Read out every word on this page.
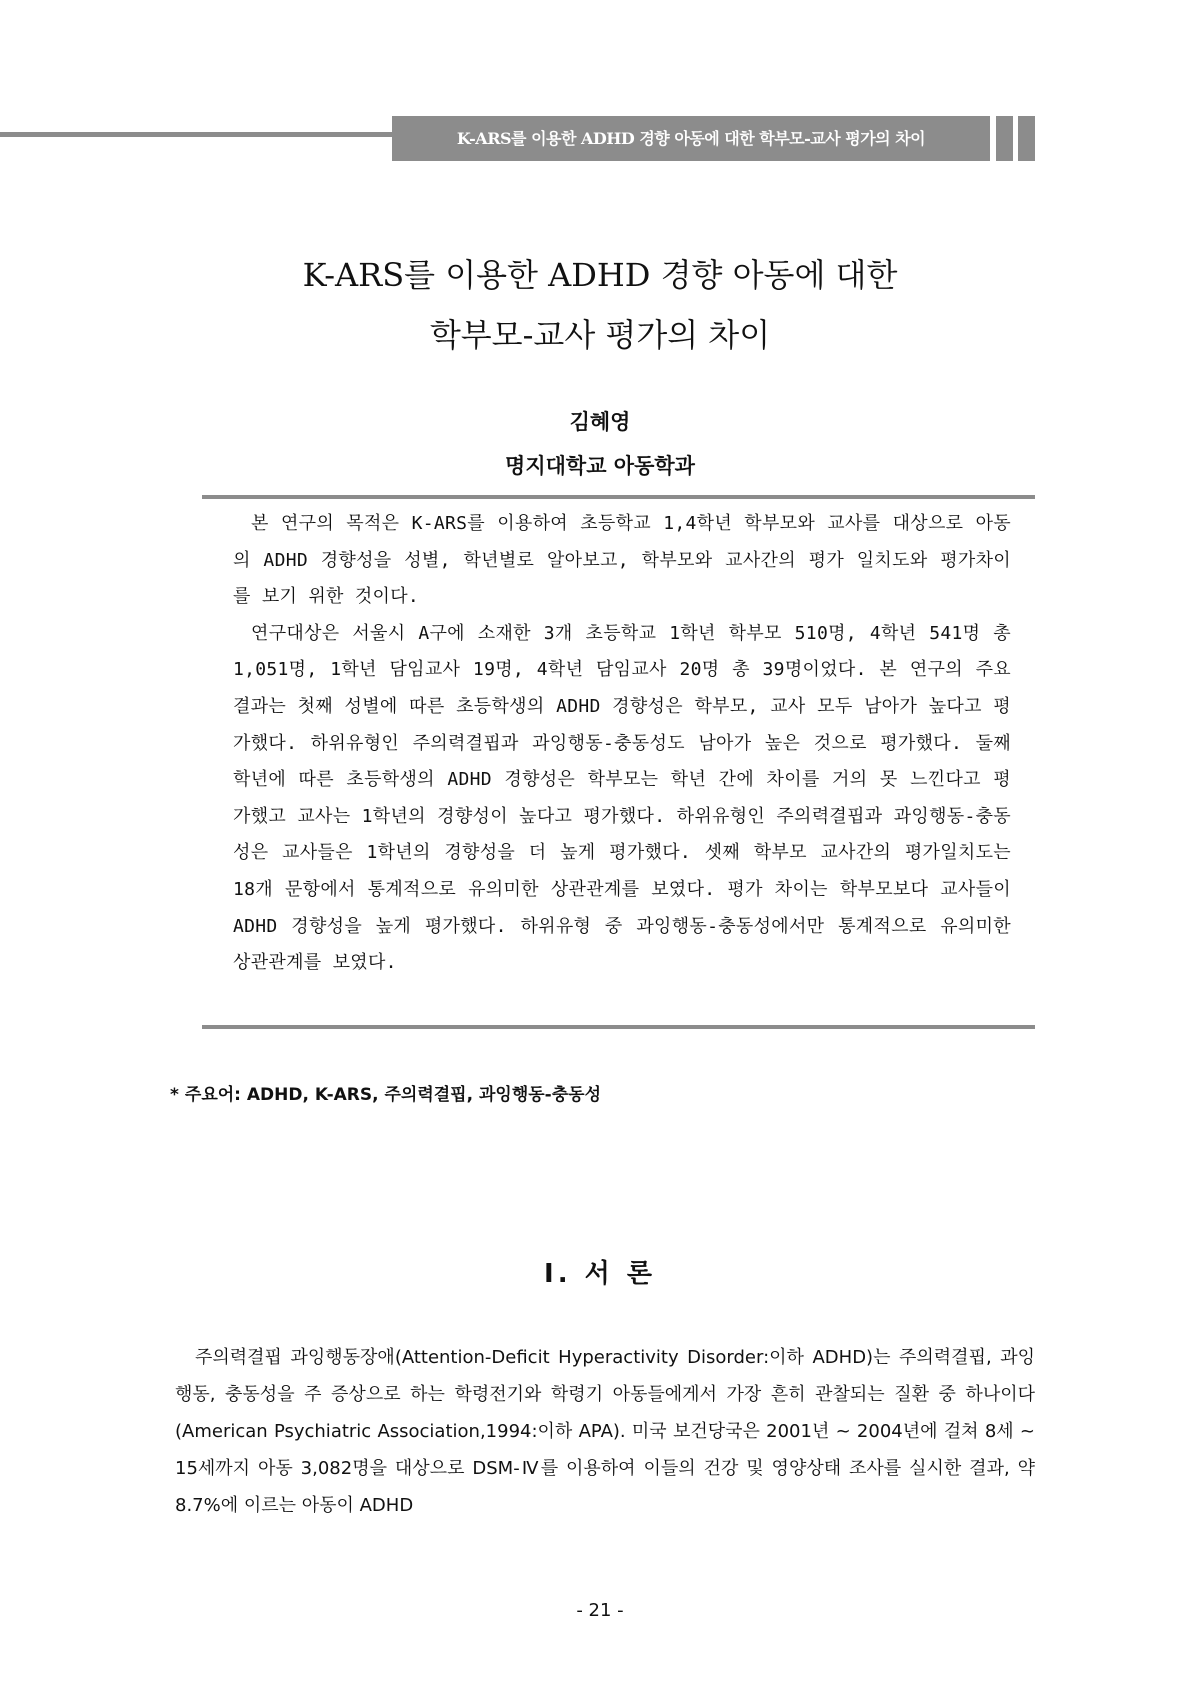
K-ARS를 이용한 ADHD 경향 아동에 대한 학부모-교사 평가의 차이
K-ARS를 이용한 ADHD 경향 아동에 대한
학부모-교사 평가의 차이
김혜영
명지대학교 아동학과

본 연구의 목적은 K-ARS를 이용하여 초등학교 1,4학년 학부모와 교사를 대상으로 아동의 ADHD 경향성을 성별, 학년별로 알아보고, 학부모와 교사간의 평가 일치도와 평가차이를 보기 위한 것이다.

연구대상은 서울시 A구에 소재한 3개 초등학교 1학년 학부모 510명, 4학년 541명 총 1,051명, 1학년 담임교사 19명, 4학년 담임교사 20명 총 39명이었다. 본 연구의 주요 결과는 첫째 성별에 따른 초등학생의 ADHD 경향성은 학부모, 교사 모두 남아가 높다고 평가했다. 하위유형인 주의력결핍과 과잉행동-충동성도 남아가 높은 것으로 평가했다. 둘째 학년에 따른 초등학생의 ADHD 경향성은 학부모는 학년 간에 차이를 거의 못 느낀다고 평가했고 교사는 1학년의 경향성이 높다고 평가했다. 하위유형인 주의력결핍과 과잉행동-충동성은 교사들은 1학년의 경향성을 더 높게 평가했다. 셋째 학부모 교사간의 평가일치도는 18개 문항에서 통계적으로 유의미한 상관관계를 보였다. 평가 차이는 학부모보다 교사들이 ADHD 경향성을 높게 평가했다. 하위유형 중 과잉행동-충동성에서만 통계적으로 유의미한 상관관계를 보였다.

* 주요어: ADHD, K-ARS, 주의력결핍, 과잉행동-충동성
Ⅰ. 서 론

주의력결핍 과잉행동장애(Attention-Deficit Hyperactivity Disorder:이하 ADHD)는 주의력결핍, 과잉행동, 충동성을 주 증상으로 하는 학령전기와 학령기 아동들에게서 가장 흔히 관찰되는 질환 중 하나이다(American Psychiatric Association,1994:이하 APA). 미국 보건당국은 2001년 ~ 2004년에 걸쳐 8세 ~ 15세까지 아동 3,082명을 대상으로 DSM-Ⅳ를 이용하여 이들의 건강 및 영양상태 조사를 실시한 결과, 약 8.7%에 이르는 아동이 ADHD

- 21 -
